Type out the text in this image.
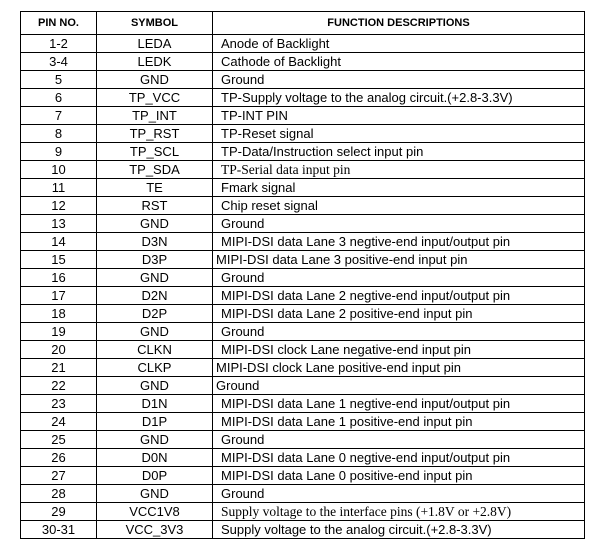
PIN NO.	SYMBOL	FUNCTION DESCRIPTIONS
1-2	LEDA	Anode of Backlight
3-4	LEDK	Cathode of Backlight
5	GND	Ground
6	TP_VCC	TP-Supply voltage to the analog circuit.(+2.8-3.3V)
7	TP_INT	TP-INT PIN
8	TP_RST	TP-Reset signal
9	TP_SCL	TP-Data/Instruction select input pin
10	TP_SDA	TP-Serial data input pin
11	TE	Fmark signal
12	RST	Chip reset signal
13	GND	Ground
14	D3N	MIPI-DSI data Lane 3 negtive-end input/output pin
15	D3P	MIPI-DSI data Lane 3 positive-end input pin
16	GND	Ground
17	D2N	MIPI-DSI data Lane 2 negtive-end input/output pin
18	D2P	MIPI-DSI data Lane 2 positive-end input pin
19	GND	Ground
20	CLKN	MIPI-DSI clock Lane negative-end input pin
21	CLKP	MIPI-DSI clock Lane positive-end input pin
22	GND	Ground
23	D1N	MIPI-DSI data Lane 1 negtive-end input/output pin
24	D1P	MIPI-DSI data Lane 1 positive-end input pin
25	GND	Ground
26	D0N	MIPI-DSI data Lane 0 negtive-end input/output pin
27	D0P	MIPI-DSI data Lane 0 positive-end input pin
28	GND	Ground
29	VCC1V8	Supply voltage to the interface pins (+1.8V or +2.8V)
30-31	VCC_3V3	Supply voltage to the analog circuit.(+2.8-3.3V)
